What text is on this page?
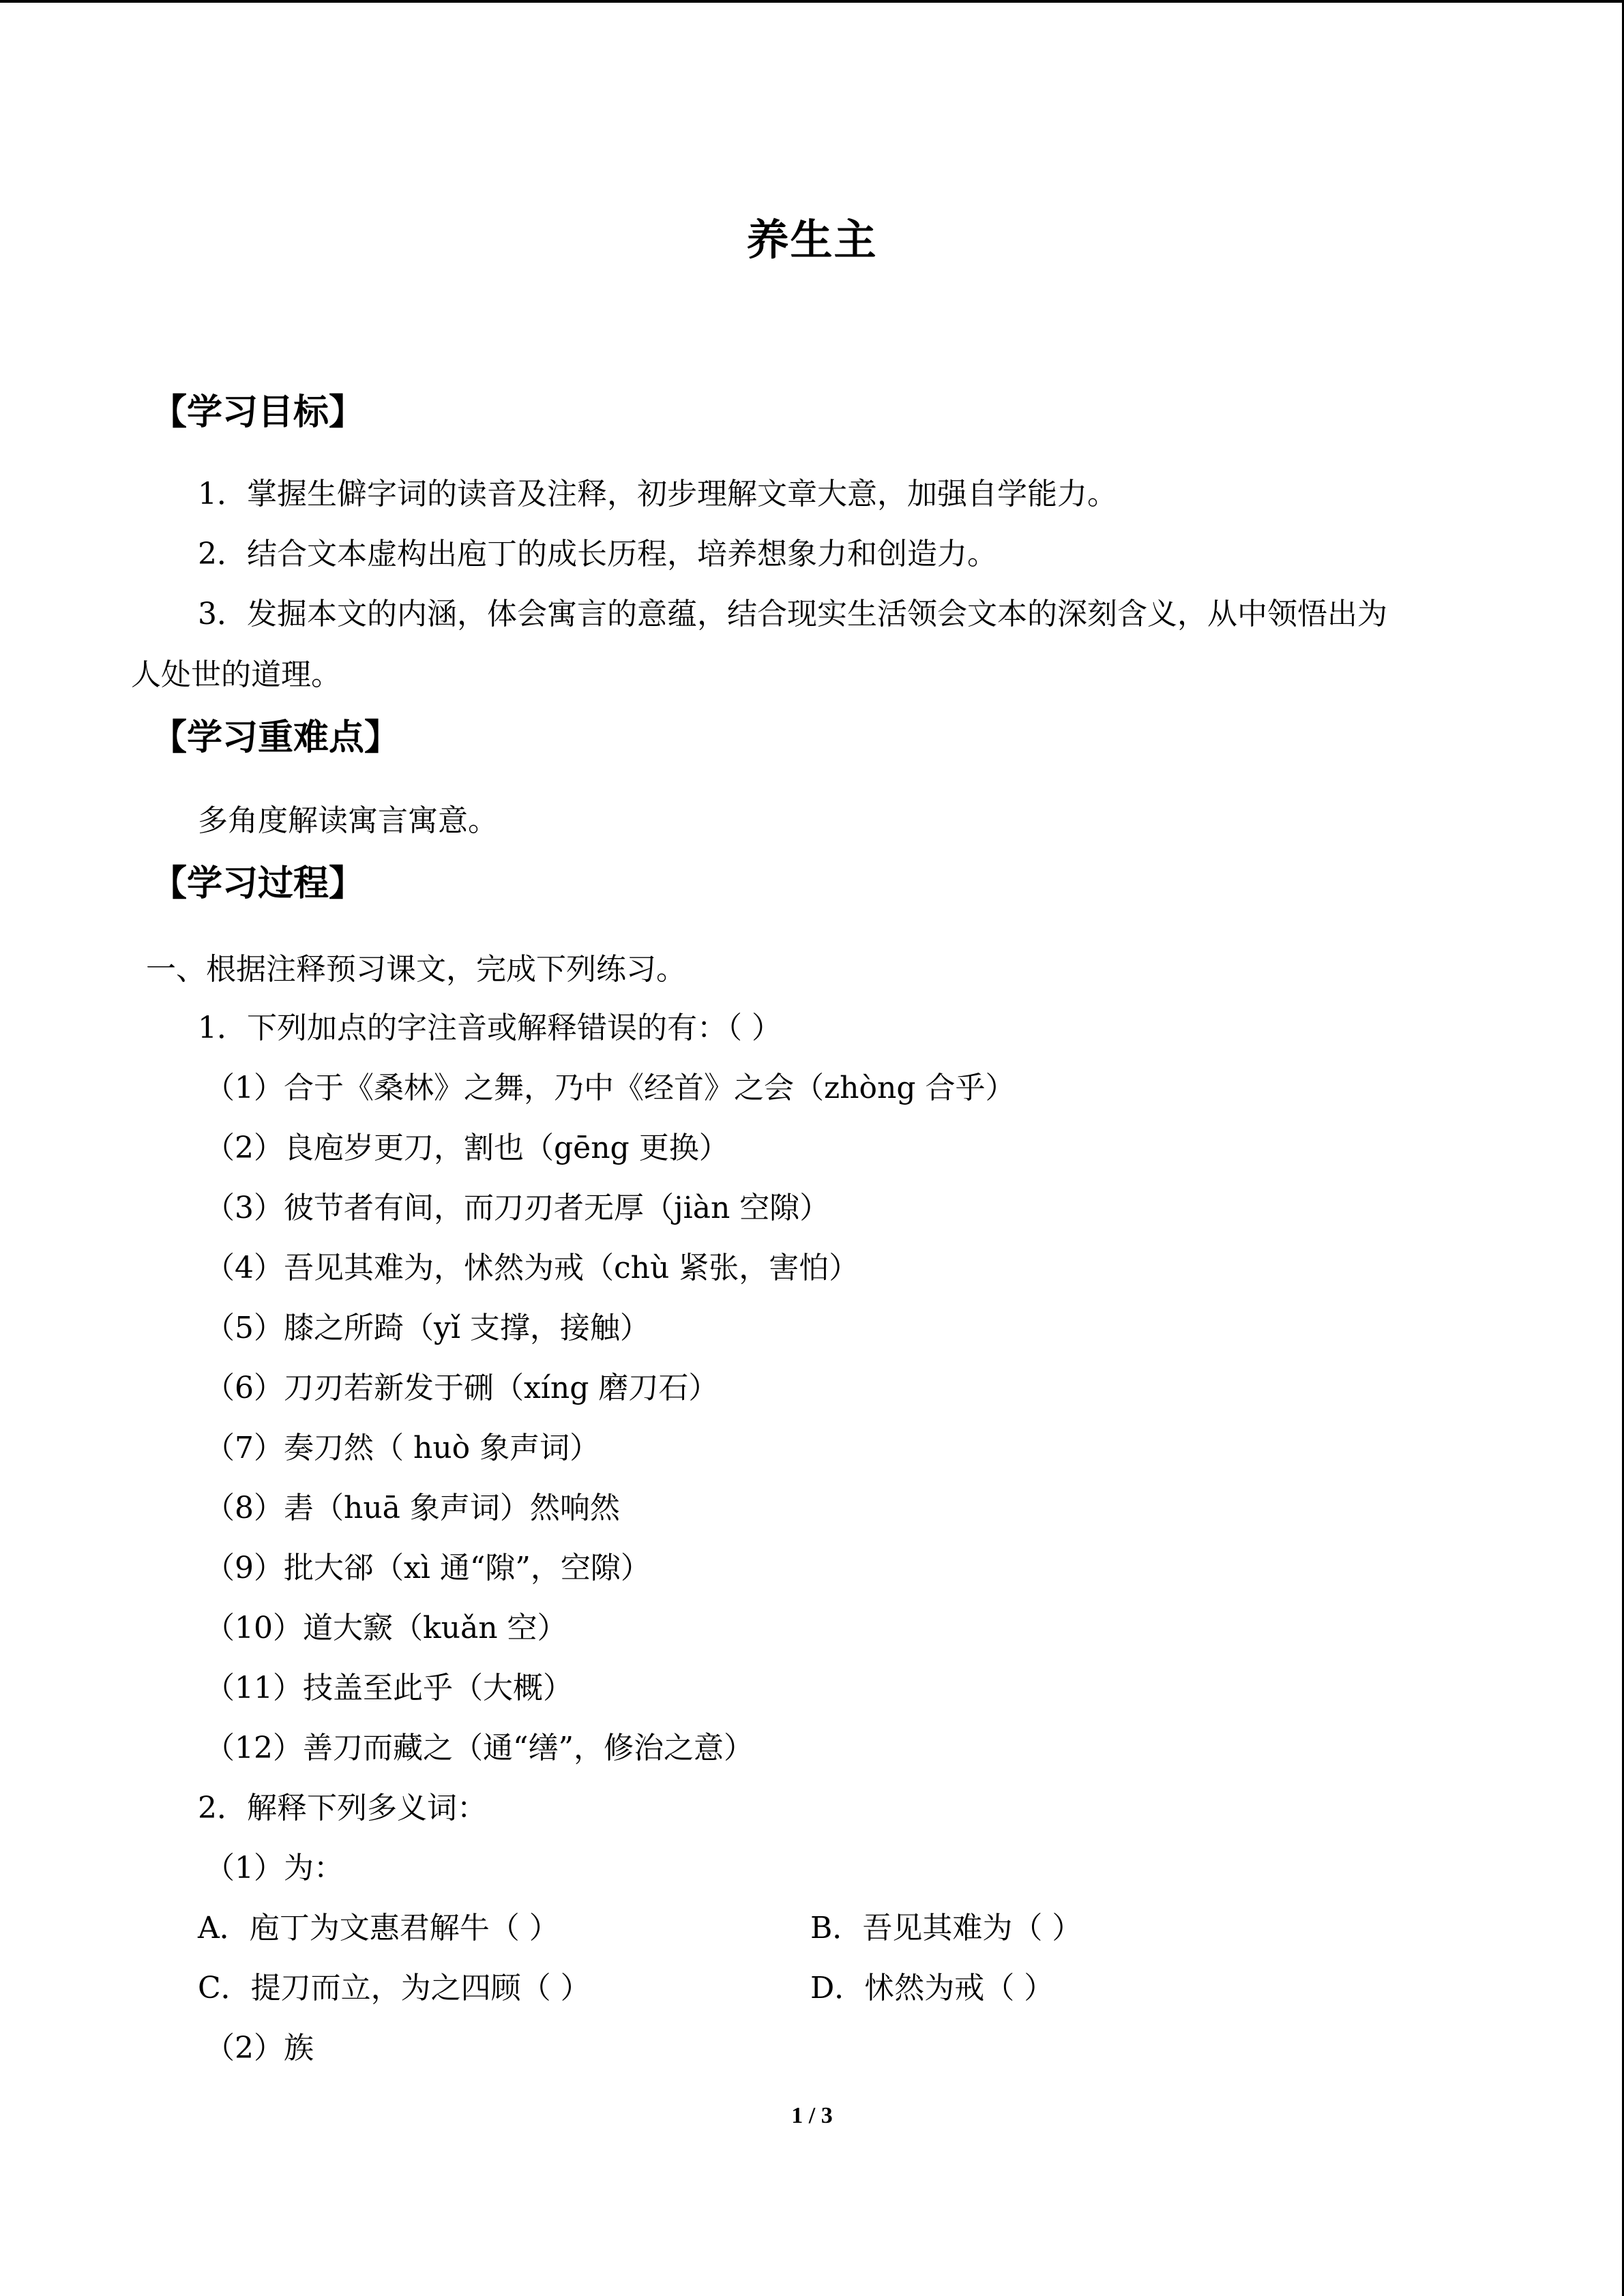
养生主
【学习目标】
1．掌握生僻字词的读音及注释，初步理解文章大意，加强自学能力。
2．结合文本虚构出庖丁的成长历程，培养想象力和创造力。
3．发掘本文的内涵，体会寓言的意蕴，结合现实生活领会文本的深刻含义，从中领悟出为
人处世的道理。
【学习重难点】
多角度解读寓言寓意。
【学习过程】
一、根据注释预习课文，完成下列练习。
1．下列加点的字注音或解释错误的有：（ ）
（1）合于《桑林》之舞，乃中《经首》之会（zhòng 合乎）
（2）良庖岁更刀，割也（gēng 更换）
（3）彼节者有间，而刀刃者无厚（jiàn 空隙）
（4）吾见其难为，怵然为戒（chù 紧张，害怕）
（5）膝之所踦（yǐ 支撑，接触）
（6）刀刃若新发于硎（xíng 磨刀石）
（7）奏刀然（ huò 象声词）
（8）砉（huā 象声词）然响然
（9）批大郤（xì 通“隙”，空隙）
（10）道大窾（kuǎn 空）
（11）技盖至此乎（大概）
（12）善刀而藏之（通“缮”，修治之意）
2．解释下列多义词：
（1）为：
A．庖丁为文惠君解牛（ ）	B．吾见其难为（ ）
C．提刀而立，为之四顾（ ）	D．怵然为戒（ ）
（2）族
1 / 3
